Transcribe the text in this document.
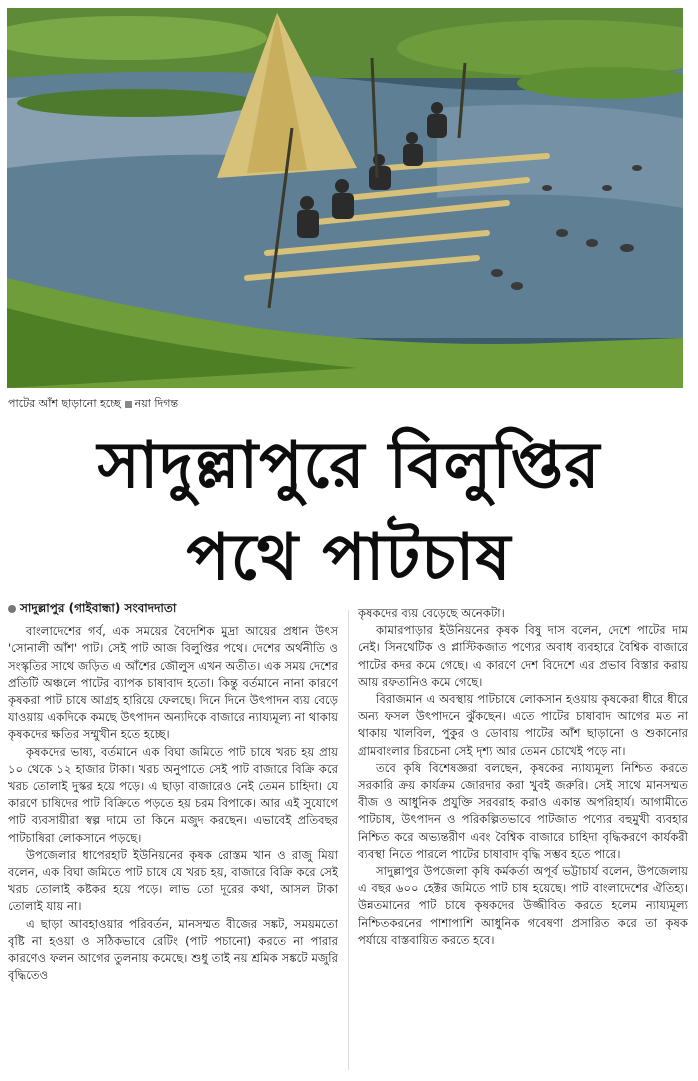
পাটের আঁশ ছাড়ানো হচ্ছে নয়া দিগন্ত
সাদুল্লাপুরে বিলুপ্তির
পথে পাটচাষ
সাদুল্লাপুর (গাইবান্ধা) সংবাদদাতা

বাংলাদেশের গর্ব, এক সময়ের বৈদেশিক মুদ্রা আয়ের প্রধান উৎস 'সোনালী আঁশ' পাট। সেই পাট আজ বিলুপ্তির পথে। দেশের অর্থনীতি ও সংস্কৃতির সাথে জড়িত এ আঁশের জৌলুস এখন অতীত। এক সময় দেশের প্রতিটি অঞ্চলে পাটের ব্যাপক চাষাবাদ হতো। কিন্তু বর্তমানে নানা কারণে কৃষকরা পাট চাষে আগ্রহ হারিয়ে ফেলছে। দিনে দিনে উৎপাদন ব্যয় বেড়ে যাওয়ায় একদিকে কমছে উৎপাদন অন্যদিকে বাজারে ন্যায্যমূল্য না থাকায় কৃষকদের ক্ষতির সম্মুখীন হতে হচ্ছে।

কৃষকদের ভাষ্য, বর্তমানে এক বিঘা জমিতে পাট চাষে খরচ হয় প্রায় ১০ থেকে ১২ হাজার টাকা। খরচ অনুপাতে সেই পাট বাজারে বিক্রি করে খরচ তোলাই দুস্কর হয়ে পড়ে। এ ছাড়া বাজারেও নেই তেমন চাহিদা। যে কারণে চাষিদের পাট বিক্রিতে পড়তে হয় চরম বিপাকে। আর এই সুযোগে পাট ব্যবসায়ীরা স্বল্প দামে তা কিনে মজুদ করছেন। এভাবেই প্রতিবছর পাটচাষিরা লোকসানে পড়ছে।

উপজেলার ধাপেরহাট ইউনিয়নের কৃষক রোস্তম খান ও রাজু মিয়া বলেন, এক বিঘা জমিতে পাট চাষে যে খরচ হয়, বাজারে বিক্রি করে সেই খরচ তোলাই কষ্টকর হয়ে পড়ে। লাভ তো দূরের কথা, আসল টাকা তোলাই যায় না।

এ ছাড়া আবহাওয়ার পরিবর্তন, মানসম্মত বীজের সঙ্কট, সময়মতো বৃষ্টি না হওয়া ও সঠিকভাবে রেটিং (পাট পচানো) করতে না পারার কারণেও ফলন আগের তুলনায় কমেছে। শুধু তাই নয় শ্রমিক সঙ্কটে মজুরি বৃদ্ধিতেও

কৃষকদের ব্যয় বেড়েছে অনেকটা।

কামারপাড়ার ইউনিয়নের কৃষক বিষু দাস বলেন, দেশে পাটের দাম নেই। সিনথেটিক ও প্লাস্টিকজাত পণ্যের অবাধ ব্যবহারে বৈশ্বিক বাজারে পাটের কদর কমে গেছে। এ কারণে দেশ বিদেশে এর প্রভাব বিস্তার করায় আয় রফতানিও কমে গেছে।

বিরাজমান এ অবস্থায় পাটচাষে লোকসান হওয়ায় কৃষকেরা ধীরে ধীরে অন্য ফসল উৎপাদনে ঝুঁকছেন। এতে পাটের চাষাবাদ আগের মত না থাকায় খালবিল, পুকুর ও ডোবায় পাটের আঁশ ছাড়ানো ও শুকানোর গ্রামবাংলার চিরচেনা সেই দৃশ্য আর তেমন চোখেই পড়ে না।

তবে কৃষি বিশেষজ্ঞরা বলছেন, কৃষকের ন্যায্যমূল্য নিশ্চিত করতে সরকারি ক্রয় কার্যক্রম জোরদার করা খুবই জরুরি। সেই সাথে মানসম্মত বীজ ও আধুনিক প্রযুক্তি সরবরাহ করাও একান্ত অপরিহার্য। আগামীতে পাটচাষ, উৎপাদন ও পরিকল্পিতভাবে পাটজাত পণ্যের বহুমুখী ব্যবহার নিশ্চিত করে অভ্যন্তরীণ এবং বৈশ্বিক বাজারে চাহিদা বৃদ্ধিকরণে কার্যকরী ব্যবস্থা নিতে পারলে পাটের চাষাবাদ বৃদ্ধি সম্ভব হতে পারে।

সাদুল্লাপুর উপজেলা কৃষি কর্মকর্তা অপূর্ব ভট্টাচার্য বলেন, উপজেলায় এ বছর ৬০০ হেক্টর জমিতে পাট চাষ হয়েছে। পাট বাংলাদেশের ঐতিহ্য। উন্নতমানের পাট চাষে কৃষকদের উজ্জীবিত করতে হলেম ন্যায্যমূল্য নিশ্চিতকরনের পাশাপাশি আধুনিক গবেষণা প্রসারিত করে তা কৃষক পর্যায়ে বাস্তবায়িত করতে হবে।
